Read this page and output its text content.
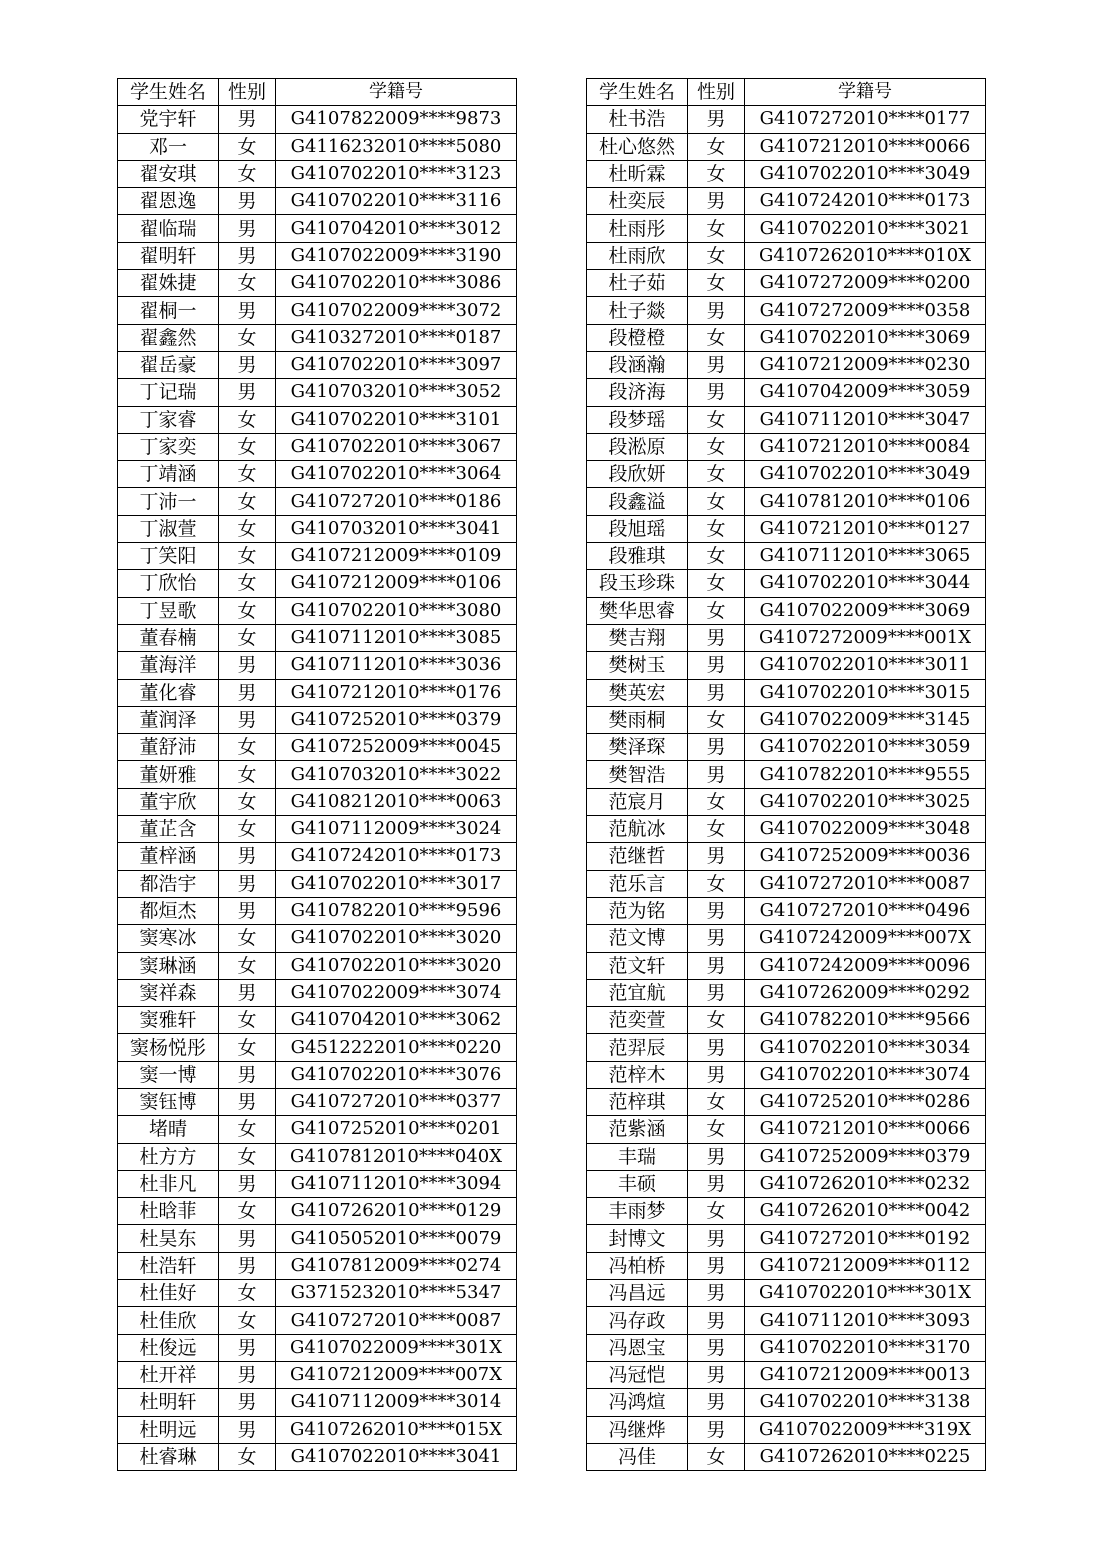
学生姓名	性别	学籍号
党宇轩	男	G4107822009****9873
邓一	女	G4116232010****5080
翟安琪	女	G4107022010****3123
翟恩逸	男	G4107022010****3116
翟临瑞	男	G4107042010****3012
翟明轩	男	G4107022009****3190
翟姝捷	女	G4107022010****3086
翟桐一	男	G4107022009****3072
翟鑫然	女	G4103272010****0187
翟岳豪	男	G4107022010****3097
丁记瑞	男	G4107032010****3052
丁家睿	女	G4107022010****3101
丁家奕	女	G4107022010****3067
丁靖涵	女	G4107022010****3064
丁沛一	女	G4107272010****0186
丁淑萱	女	G4107032010****3041
丁笑阳	女	G4107212009****0109
丁欣怡	女	G4107212009****0106
丁昱歌	女	G4107022010****3080
董春楠	女	G4107112010****3085
董海洋	男	G4107112010****3036
董化睿	男	G4107212010****0176
董润泽	男	G4107252010****0379
董舒沛	女	G4107252009****0045
董妍雅	女	G4107032010****3022
董宇欣	女	G4108212010****0063
董芷含	女	G4107112009****3024
董梓涵	男	G4107242010****0173
都浩宇	男	G4107022010****3017
都烜杰	男	G4107822010****9596
窦寒冰	女	G4107022010****3020
窦琳涵	女	G4107022010****3020
窦祥森	男	G4107022009****3074
窦雅轩	女	G4107042010****3062
窦杨悦彤	女	G4512222010****0220
窦一博	男	G4107022010****3076
窦钰博	男	G4107272010****0377
堵晴	女	G4107252010****0201
杜方方	女	G4107812010****040X
杜非凡	男	G4107112010****3094
杜晗菲	女	G4107262010****0129
杜昊东	男	G4105052010****0079
杜浩轩	男	G4107812009****0274
杜佳好	女	G3715232010****5347
杜佳欣	女	G4107272010****0087
杜俊远	男	G4107022009****301X
杜开祥	男	G4107212009****007X
杜明轩	男	G4107112009****3014
杜明远	男	G4107262010****015X
杜睿琳	女	G4107022010****3041
学生姓名	性别	学籍号
杜书浩	男	G4107272010****0177
杜心悠然	女	G4107212010****0066
杜昕霖	女	G4107022010****3049
杜奕辰	男	G4107242010****0173
杜雨彤	女	G4107022010****3021
杜雨欣	女	G4107262010****010X
杜子茹	女	G4107272009****0200
杜子燚	男	G4107272009****0358
段橙橙	女	G4107022010****3069
段涵瀚	男	G4107212009****0230
段济海	男	G4107042009****3059
段梦瑶	女	G4107112010****3047
段淞原	女	G4107212010****0084
段欣妍	女	G4107022010****3049
段鑫溢	女	G4107812010****0106
段旭瑶	女	G4107212010****0127
段雅琪	女	G4107112010****3065
段玉珍珠	女	G4107022010****3044
樊华思睿	女	G4107022009****3069
樊吉翔	男	G4107272009****001X
樊树玉	男	G4107022010****3011
樊英宏	男	G4107022010****3015
樊雨桐	女	G4107022009****3145
樊泽琛	男	G4107022010****3059
樊智浩	男	G4107822010****9555
范宸月	女	G4107022010****3025
范航冰	女	G4107022009****3048
范继哲	男	G4107252009****0036
范乐言	女	G4107272010****0087
范为铭	男	G4107272010****0496
范文博	男	G4107242009****007X
范文轩	男	G4107242009****0096
范宜航	男	G4107262009****0292
范奕萱	女	G4107822010****9566
范羿辰	男	G4107022010****3034
范梓木	男	G4107022010****3074
范梓琪	女	G4107252010****0286
范紫涵	女	G4107212010****0066
丰瑞	男	G4107252009****0379
丰硕	男	G4107262010****0232
丰雨梦	女	G4107262010****0042
封博文	男	G4107272010****0192
冯柏桥	男	G4107212009****0112
冯昌远	男	G4107022010****301X
冯存政	男	G4107112010****3093
冯恩宝	男	G4107022010****3170
冯冠恺	男	G4107212009****0013
冯鸿煊	男	G4107022010****3138
冯继烨	男	G4107022009****319X
冯佳	女	G4107262010****0225
